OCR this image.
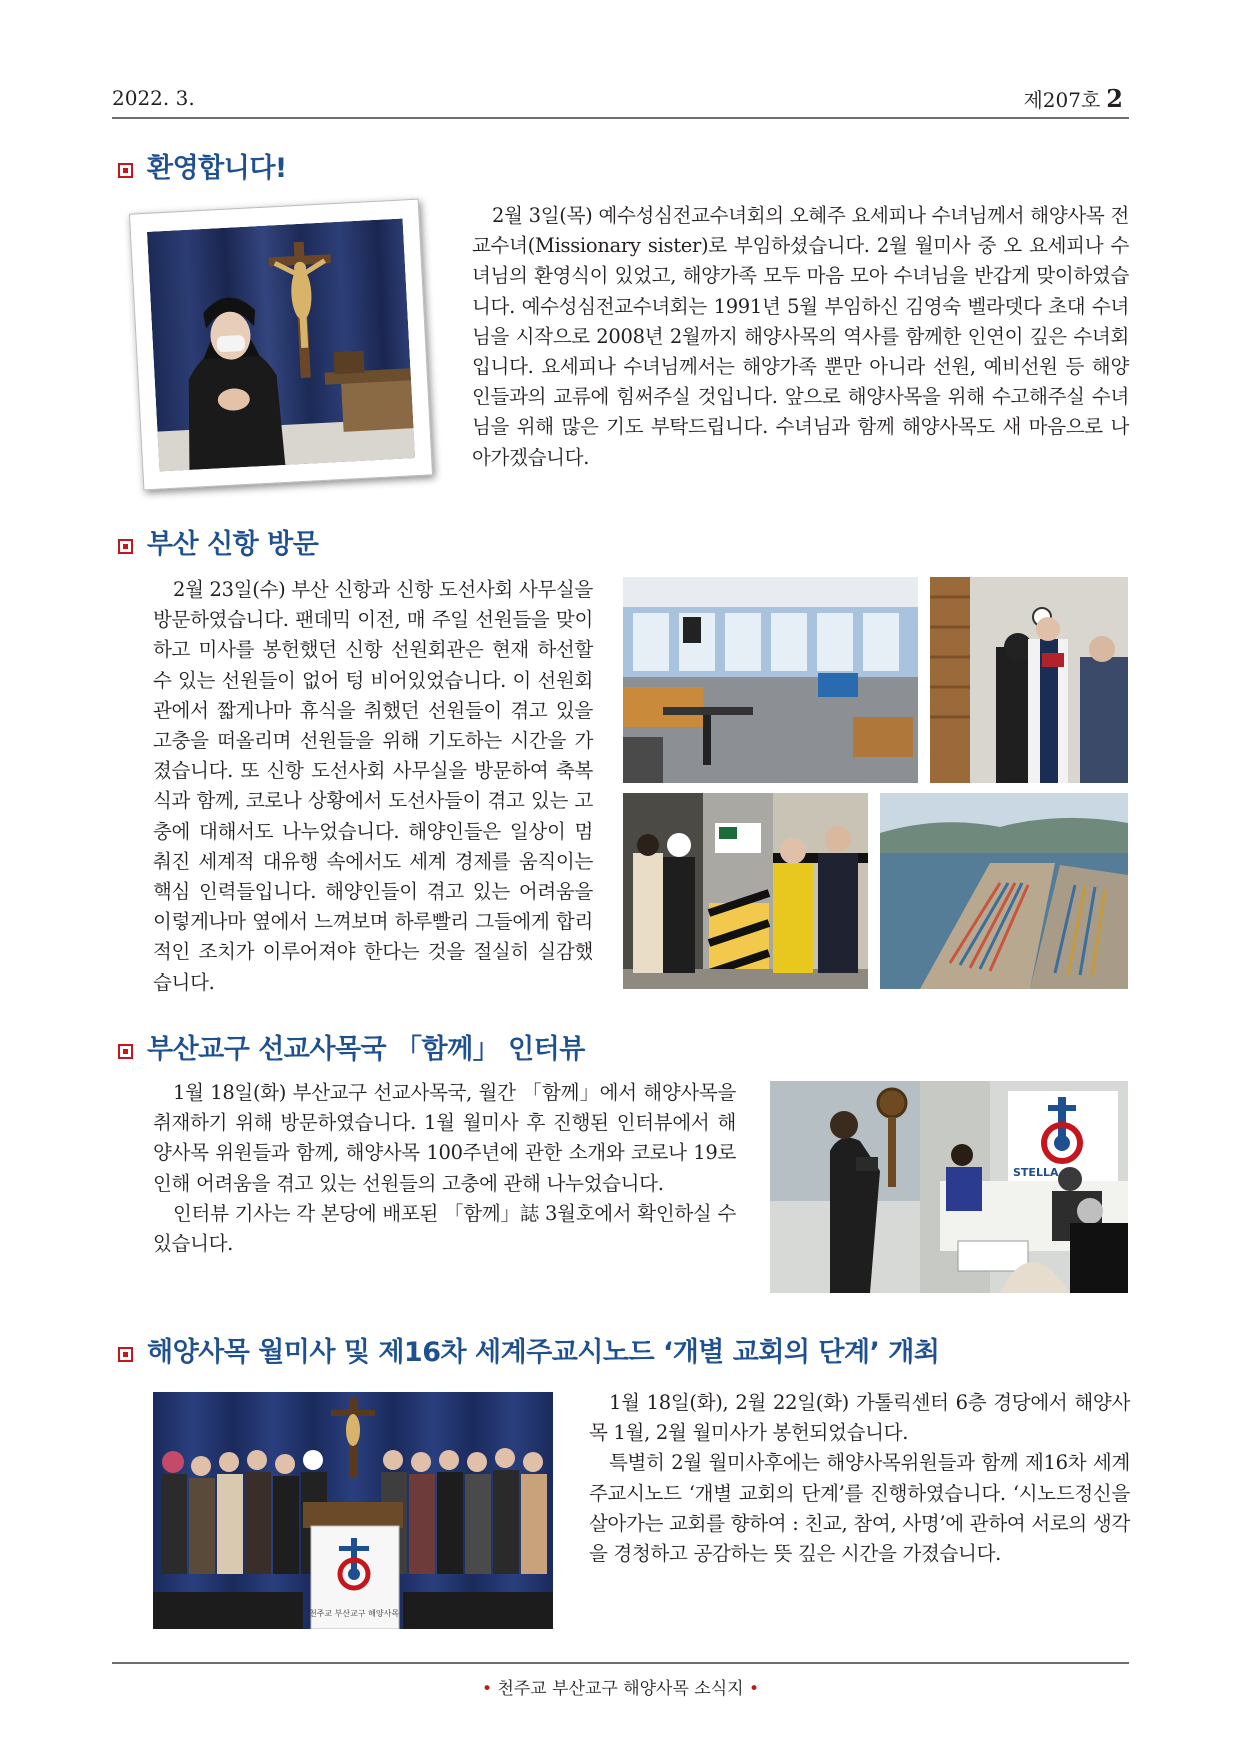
2022. 3.	제207호 2
환영합니다!

2월 3일(목) 예수성심전교수녀회의 오혜주 요세피나 수녀님께서 해양사목 전교수녀(Missionary sister)로 부임하셨습니다. 2월 월미사 중 오 요세피나 수녀님의 환영식이 있었고, 해양가족 모두 마음 모아 수녀님을 반갑게 맞이하였습니다. 예수성심전교수녀회는 1991년 5월 부임하신 김영숙 벨라뎃다 초대 수녀님을 시작으로 2008년 2월까지 해양사목의 역사를 함께한 인연이 깊은 수녀회입니다. 요세피나 수녀님께서는 해양가족 뿐만 아니라 선원, 예비선원 등 해양인들과의 교류에 힘써주실 것입니다. 앞으로 해양사목을 위해 수고해주실 수녀님을 위해 많은 기도 부탁드립니다. 수녀님과 함께 해양사목도 새 마음으로 나아가겠습니다.

부산 신항 방문

2월 23일(수) 부산 신항과 신항 도선사회 사무실을 방문하였습니다. 팬데믹 이전, 매 주일 선원들을 맞이하고 미사를 봉헌했던 신항 선원회관은 현재 하선할 수 있는 선원들이 없어 텅 비어있었습니다. 이 선원회관에서 짧게나마 휴식을 취했던 선원들이 겪고 있을 고충을 떠올리며 선원들을 위해 기도하는 시간을 가졌습니다. 또 신항 도선사회 사무실을 방문하여 축복식과 함께, 코로나 상황에서 도선사들이 겪고 있는 고충에 대해서도 나누었습니다. 해양인들은 일상이 멈춰진 세계적 대유행 속에서도 세계 경제를 움직이는 핵심 인력들입니다. 해양인들이 겪고 있는 어려움을 이렇게나마 옆에서 느껴보며 하루빨리 그들에게 합리적인 조치가 이루어져야 한다는 것을 절실히 실감했습니다.

부산교구 선교사목국 「함께」 인터뷰

1월 18일(화) 부산교구 선교사목국, 월간 「함께」에서 해양사목을 취재하기 위해 방문하였습니다. 1월 월미사 후 진행된 인터뷰에서 해양사목 위원들과 함께, 해양사목 100주년에 관한 소개와 코로나 19로 인해 어려움을 겪고 있는 선원들의 고충에 관해 나누었습니다.

인터뷰 기사는 각 본당에 배포된 「함께」誌 3월호에서 확인하실 수 있습니다.

STELLA
해양사목 월미사 및 제16차 세계주교시노드 ‘개별 교회의 단계’ 개최
천주교 부산교구 해양사목

1월 18일(화), 2월 22일(화) 가톨릭센터 6층 경당에서 해양사목 1월, 2월 월미사가 봉헌되었습니다.

특별히 2월 월미사후에는 해양사목위원들과 함께 제16차 세계주교시노드 ‘개별 교회의 단계’를 진행하였습니다. ‘시노드정신을 살아가는 교회를 향하여 : 친교, 참여, 사명’에 관하여 서로의 생각을 경청하고 공감하는 뜻 깊은 시간을 가졌습니다.

• 천주교 부산교구 해양사목 소식지 •
